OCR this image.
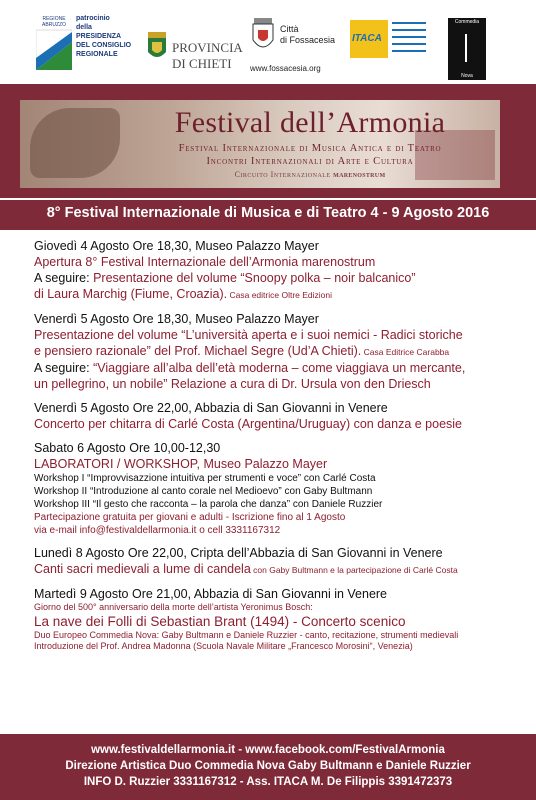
REGIONE ABRUZZO
patrocinio
della
PRESIDENZA
DEL CONSIGLIO
REGIONALE	PROVINCIA DI CHIETI
Città
di Fossacesia
www.fossacesia.org
ITACA
Commedia
Nova
Festival dell’Armonia
Festival Internazionale di Musica Antica e di Teatro
Incontri Internazionali di Arte e Cultura
Circuito Internazionale marenostrum
8° Festival Internazionale di Musica e di Teatro 4 - 9 Agosto 2016
Giovedì 4 Agosto Ore 18,30, Museo Palazzo Mayer
Apertura 8° Festival Internazionale dell’Armonia marenostrum
A seguire: Presentazione del volume “Snoopy polka – noir balcanico”
di Laura Marchig (Fiume, Croazia). Casa editrice Oltre Edizioni
Venerdì 5 Agosto Ore 18,30, Museo Palazzo Mayer
Presentazione del volume “L’università aperta e i suoi nemici - Radici storiche
e pensiero razionale” del Prof. Michael Segre (Ud’A Chieti). Casa Editrice Carabba
A seguire: “Viaggiare all’alba dell’età moderna – come viaggiava un mercante,
un pellegrino, un nobile” Relazione a cura di Dr. Ursula von den Driesch
Venerdì 5 Agosto Ore 22,00, Abbazia di San Giovanni in Venere
Concerto per chitarra di Carlé Costa (Argentina/Uruguay) con danza e poesie
Sabato 6 Agosto Ore 10,00-12,30
LABORATORI / WORKSHOP, Museo Palazzo Mayer
Workshop I “Improvvisazzione intuitiva per strumenti e voce” con Carlé Costa
Workshop II “Introduzione al canto corale nel Medioevo” con Gaby Bultmann
Workshop III “Il gesto che racconta – la parola che danza” con Daniele Ruzzier
Partecipazione gratuita per giovani e adulti - Iscrizione fino al 1 Agosto
via e-mail info@festivaldellarmonia.it o cell 3331167312
Lunedì 8 Agosto Ore 22,00, Cripta dell’Abbazia di San Giovanni in Venere
Canti sacri medievali a lume di candela con Gaby Bultmann e la partecipazione di Carlé Costa
Martedì 9 Agosto Ore 21,00, Abbazia di San Giovanni in Venere
Giorno del 500° anniversario della morte dell’artista Yeronimus Bosch:
La nave dei Folli di Sebastian Brant (1494) - Concerto scenico
Duo Europeo Commedia Nova: Gaby Bultmann e Daniele Ruzzier - canto, recitazione, strumenti medievali
Introduzione del Prof. Andrea Madonna (Scuola Navale Militare „Francesco Morosini“, Venezia)
www.festivaldellarmonia.it - www.facebook.com/FestivalArmonia
Direzione Artistica Duo Commedia Nova Gaby Bultmann e Daniele Ruzzier
INFO D. Ruzzier 3331167312 - Ass. ITACA M. De Filippis 3391472373
